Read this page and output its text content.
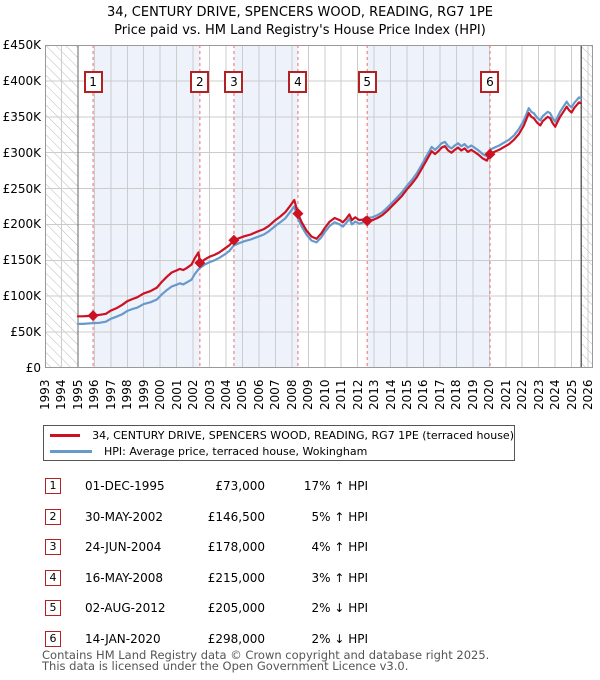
34, CENTURY DRIVE, SPENCERS WOOD, READING, RG7 1PE
Price paid vs. HM Land Registry's House Price Index (HPI)
34, CENTURY DRIVE, SPENCERS WOOD, READING, RG7 1PE (terraced house)
HPI: Average price, terraced house, Wokingham
1	01-DEC-1995	£73,000	17% ↑ HPI
2	30-MAY-2002	£146,500	5% ↑ HPI
3	24-JUN-2004	£178,000	4% ↑ HPI
4	16-MAY-2008	£215,000	3% ↑ HPI
5	02-AUG-2012	£205,000	2% ↓ HPI
6	14-JAN-2020	£298,000	2% ↓ HPI
Contains HM Land Registry data © Crown copyright and database right 2025.
This data is licensed under the Open Government Licence v3.0.
1	2	3	4	5	6
£0
£50K
£100K
£150K
£200K
£250K
£300K
£350K
£400K
£450K
1993 1994 1995 1996 1997 1998 1999 2000 2001 2002 2003 2004 2005 2006 2007 2008 2009 2010 2011 2012 2013 2014 2015 2016 2017 2018 2019 2020 2021 2022 2023 2024 2025 2026
